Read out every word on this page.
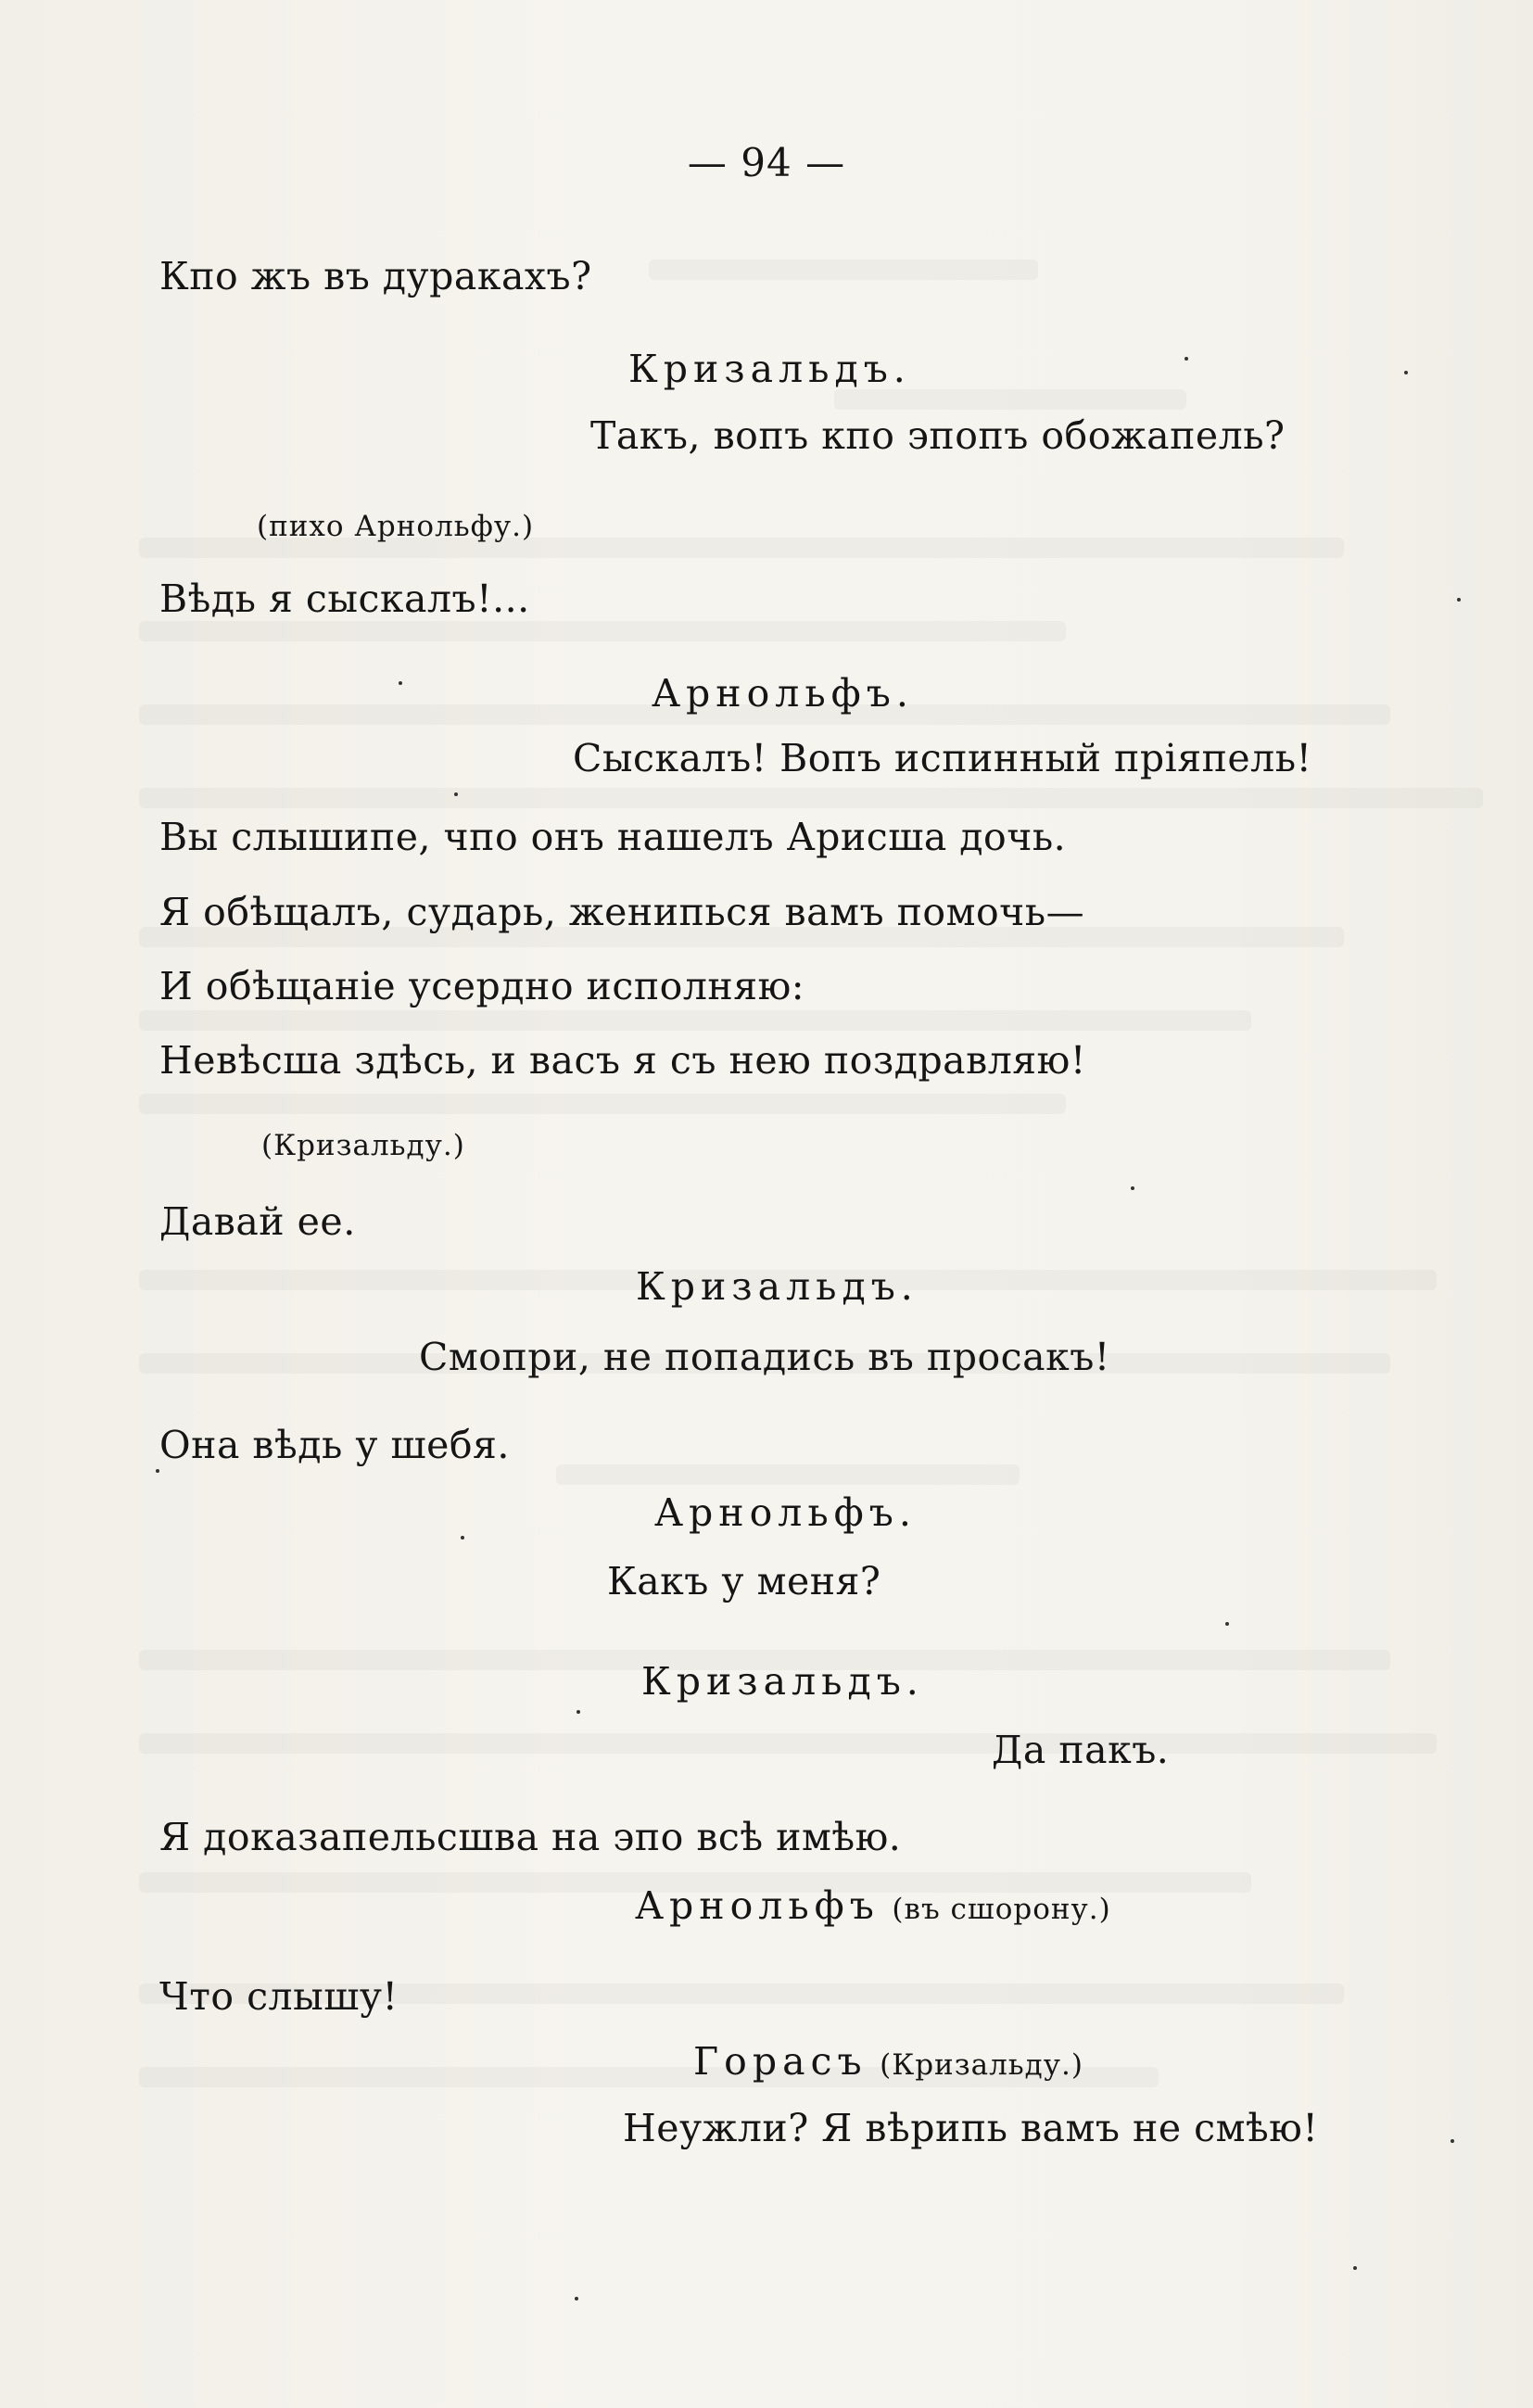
— 94 —
Кпо жъ въ дуракахъ?
Кризальдъ.
Такъ, вопъ кпо эпопъ обожапель?
(пихо Арнольфу.)
Вѣдь я сыскалъ!...
Арнольфъ.
Сыскалъ! Вопъ испинный пріяпель!
Вы слышипе, чпо онъ нашелъ Арисша дочь.
Я обѣщалъ, сударь, женипься вамъ помочь—
И обѣщаніе усердно исполняю:
Невѣсша здѣсь, и васъ я съ нею поздравляю!
(Кризальду.)
Давай ее.
Кризальдъ.
Смопри, не попадись въ просакъ!
Она вѣдь у шебя.
Арнольфъ.
Какъ у меня?
Кризальдъ.
Да пакъ.
Я доказапельсшва на эпо всѣ имѣю.
Арнольфъ (въ сшорону.)
Что слышу!
Горасъ (Кризальду.)
Неужли? Я вѣрипь вамъ не смѣю!
